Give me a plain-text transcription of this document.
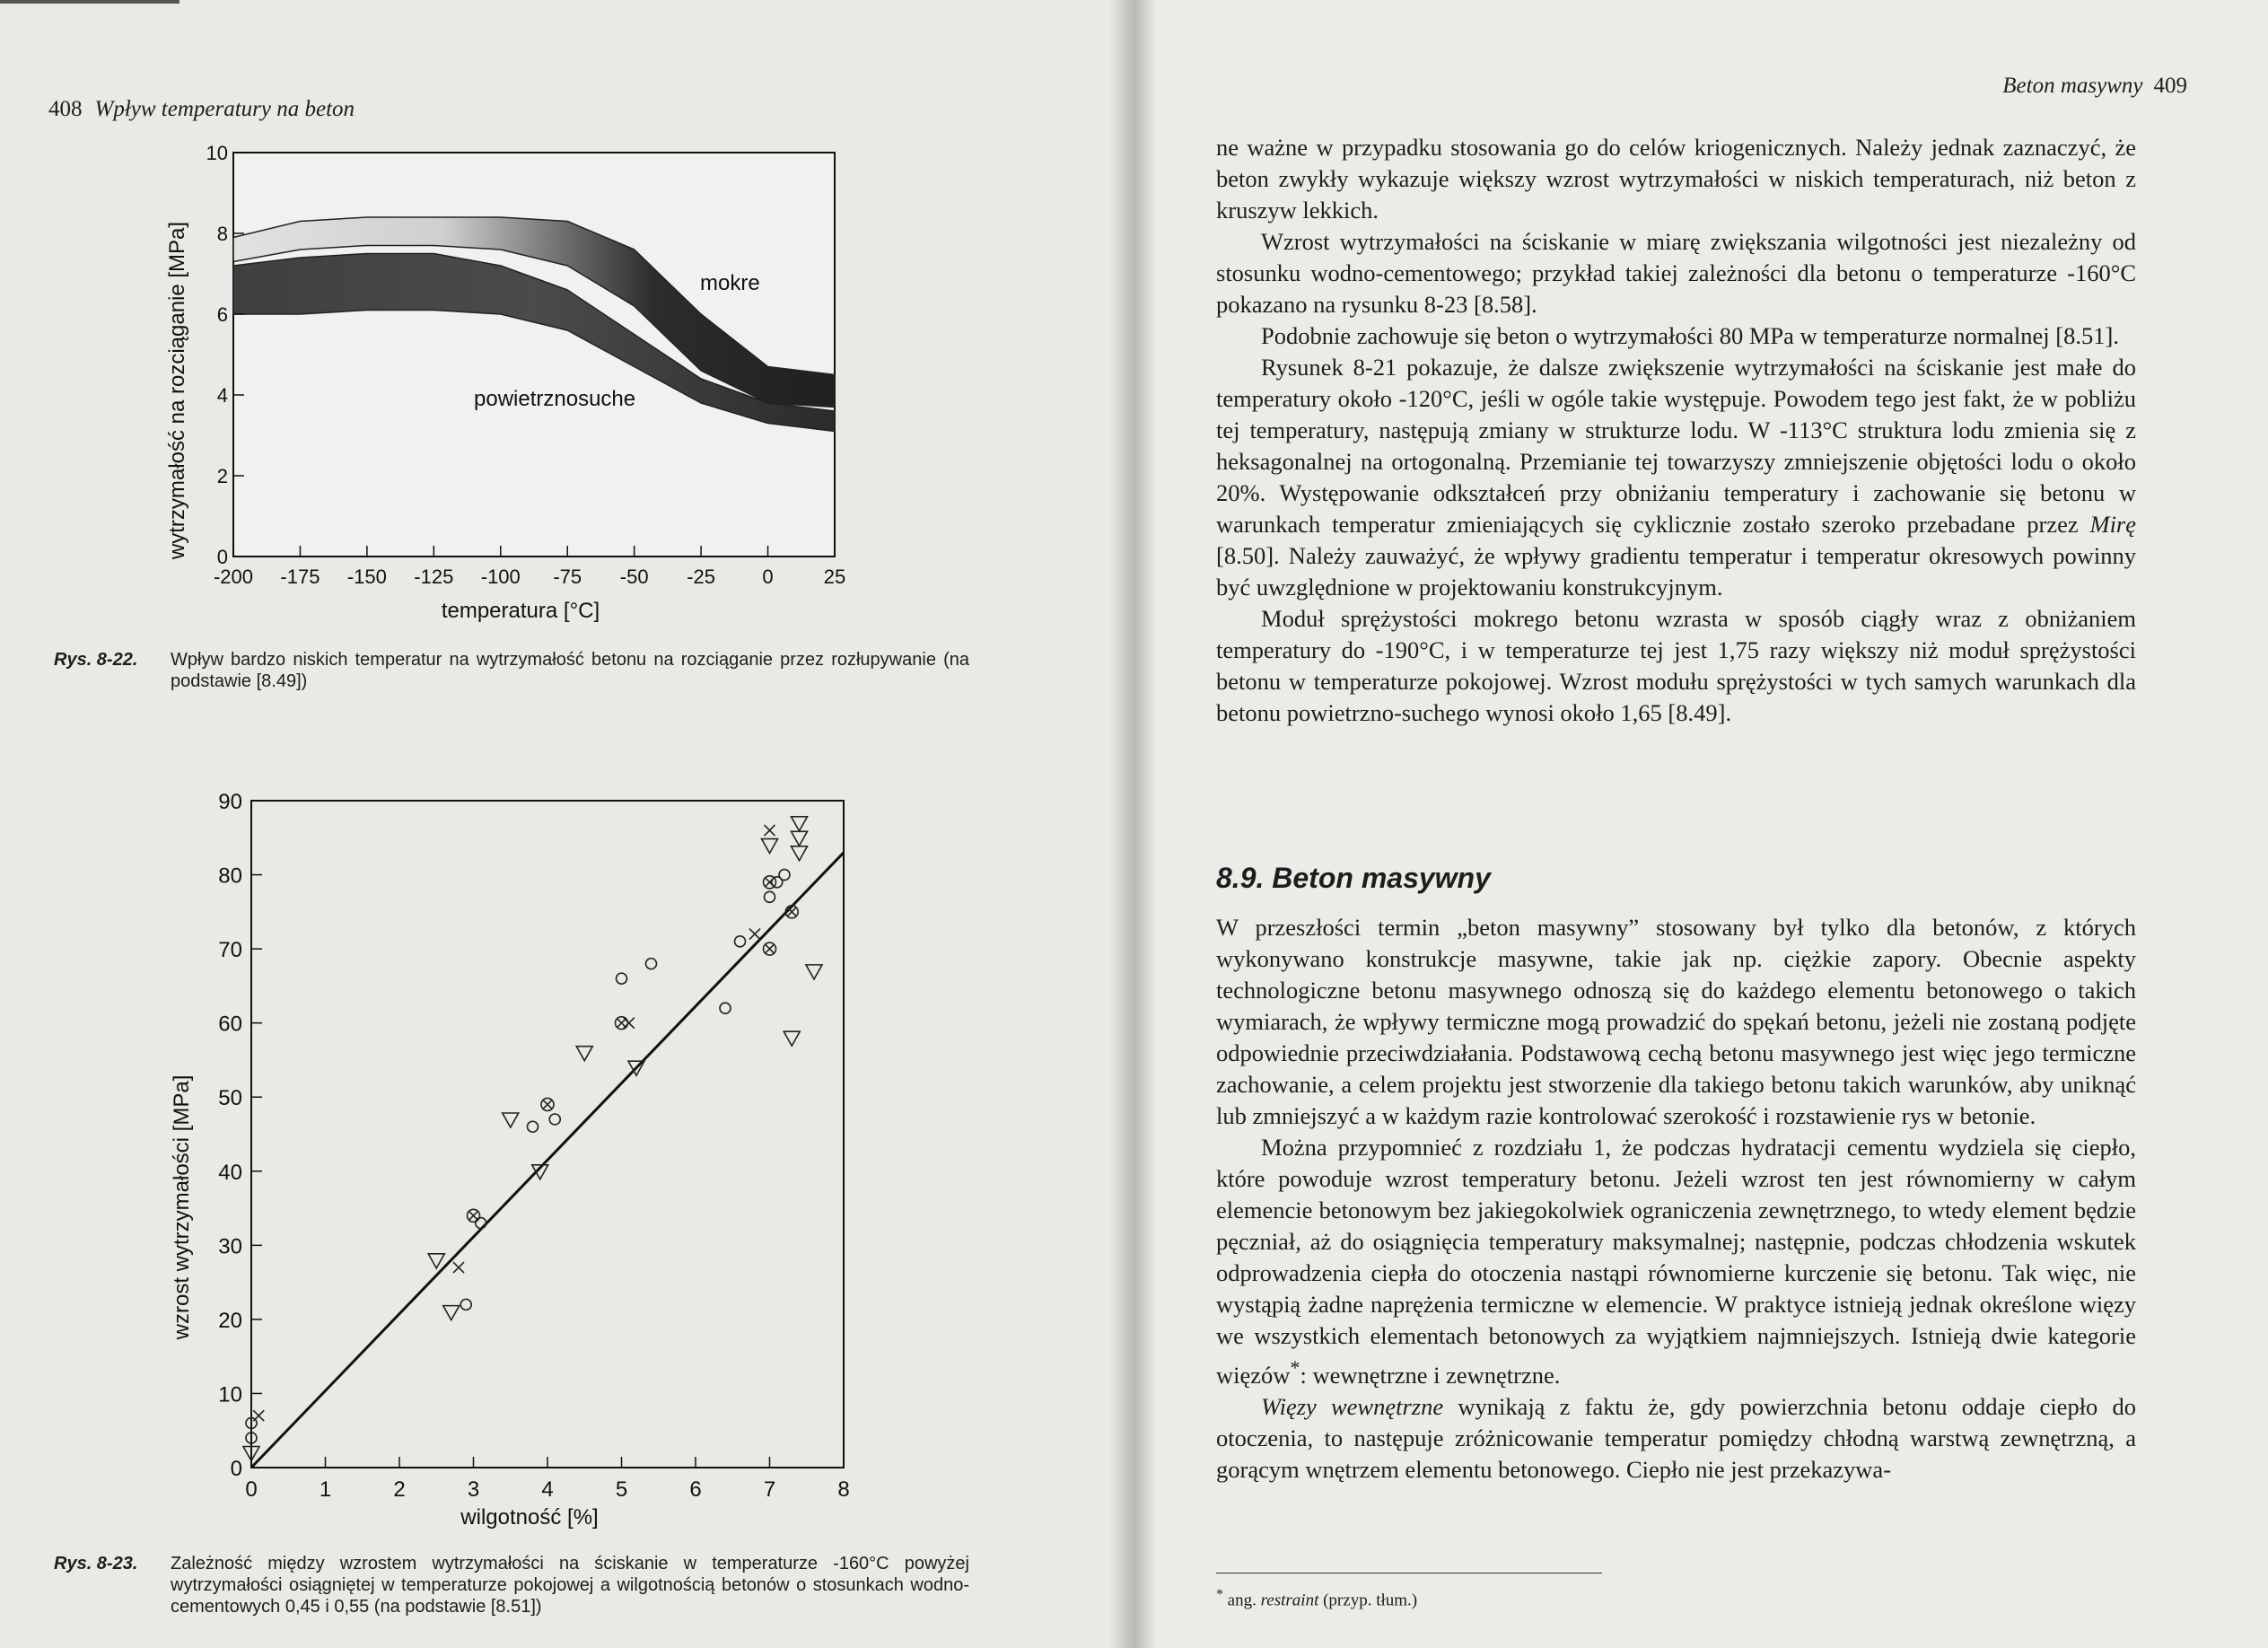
408 Wpływ temperatury na beton
-200 -175 -150 -125 -100 -75 -50 -25 0	25
0
2
4
6
8
10
mokre
powietrznosuche
wytrzymałość na rozciąganie [MPa]
temperatura [°C]
Rys. 8-22. Wpływ bardzo niskich temperatur na wytrzymałość betonu na rozciąganie przez rozłupywanie (na podstawie [8.49])
0	1	2	3	4	5	6	7	8
0
10
20
30
40
50
60
70
80
90
wzrost wytrzymałości [MPa]
wilgotność [%]
Rys. 8-23. Zależność między wzrostem wytrzymałości na ściskanie w temperaturze -160°C powyżej wytrzymałości osiągniętej w temperaturze pokojowej a wilgotnością betonów o stosunkach wodno-cementowych 0,45 i 0,55 (na podstawie [8.51])
Beton masywny 409

ne ważne w przypadku stosowania go do celów kriogenicznych. Należy jednak zaznaczyć, że beton zwykły wykazuje większy wzrost wytrzymałości w niskich temperaturach, niż beton z kruszyw lekkich.

Wzrost wytrzymałości na ściskanie w miarę zwiększania wilgotności jest niezależny od stosunku wodno-cementowego; przykład takiej zależności dla betonu o temperaturze -160°C pokazano na rysunku 8-23 [8.58].

Podobnie zachowuje się beton o wytrzymałości 80 MPa w temperaturze normalnej [8.51].

Rysunek 8-21 pokazuje, że dalsze zwiększenie wytrzymałości na ściskanie jest małe do temperatury około -120°C, jeśli w ogóle takie występuje. Powodem tego jest fakt, że w pobliżu tej temperatury, następują zmiany w strukturze lodu. W -113°C struktura lodu zmienia się z heksagonalnej na ortogonalną. Przemianie tej towarzyszy zmniejszenie objętości lodu o około 20%. Występowanie odkształceń przy obniżaniu temperatury i zachowanie się betonu w warunkach temperatur zmieniających się cyklicznie zostało szeroko przebadane przez Mirę [8.50]. Należy zauważyć, że wpływy gradientu temperatur i temperatur okresowych powinny być uwzględnione w projektowaniu konstrukcyjnym.

Moduł sprężystości mokrego betonu wzrasta w sposób ciągły wraz z obniżaniem temperatury do -190°C, i w temperaturze tej jest 1,75 razy większy niż moduł sprężystości betonu w temperaturze pokojowej. Wzrost modułu sprężystości w tych samych warunkach dla betonu powietrzno-suchego wynosi około 1,65 [8.49].

8.9. Beton masywny

W przeszłości termin „beton masywny” stosowany był tylko dla betonów, z których wykonywano konstrukcje masywne, takie jak np. ciężkie zapory. Obecnie aspekty technologiczne betonu masywnego odnoszą się do każdego elementu betonowego o takich wymiarach, że wpływy termiczne mogą prowadzić do spękań betonu, jeżeli nie zostaną podjęte odpowiednie przeciwdziałania. Podstawową cechą betonu masywnego jest więc jego termiczne zachowanie, a celem projektu jest stworzenie dla takiego betonu takich warunków, aby uniknąć lub zmniejszyć a w każdym razie kontrolować szerokość i rozstawienie rys w betonie.

Można przypomnieć z rozdziału 1, że podczas hydratacji cementu wydziela się ciepło, które powoduje wzrost temperatury betonu. Jeżeli wzrost ten jest równomierny w całym elemencie betonowym bez jakiegokolwiek ograniczenia zewnętrznego, to wtedy element będzie pęczniał, aż do osiągnięcia temperatury maksymalnej; następnie, podczas chłodzenia wskutek odprowadzenia ciepła do otoczenia nastąpi równomierne kurczenie się betonu. Tak więc, nie wystąpią żadne naprężenia termiczne w elemencie. W praktyce istnieją jednak określone więzy we wszystkich elementach betonowych za wyjątkiem najmniejszych. Istnieją dwie kategorie więzów*: wewnętrzne i zewnętrzne.

Więzy wewnętrzne wynikają z faktu że, gdy powierzchnia betonu oddaje ciepło do otoczenia, to następuje zróżnicowanie temperatur pomiędzy chłodną warstwą zewnętrzną, a gorącym wnętrzem elementu betonowego. Ciepło nie jest przekazywa-

* ang. restraint (przyp. tłum.)
